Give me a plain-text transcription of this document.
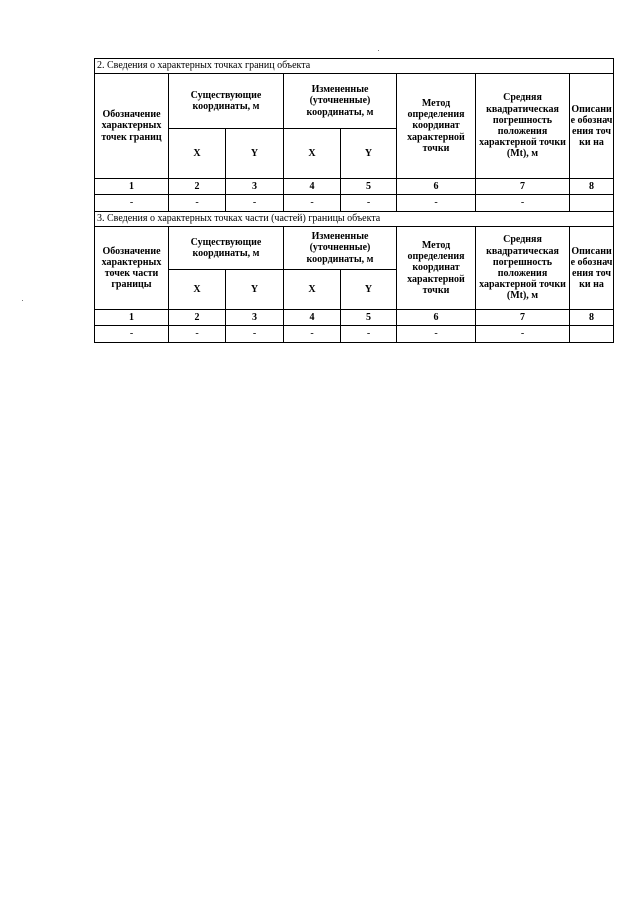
2. Сведения о характерных точках границ объекта							
Обозначение характерных точек границ	Существующие координаты, м		Измененные (уточненные) координаты, м		Метод определения координат характерной точки	Средняя квадратическая погрешность положения характерной точки (Mt), м	Описание обозначения точки на
	X	Y	X	Y			
1	2	3	4	5	6	7	8
-	-	-	-	-	-	-	
3. Сведения о характерных точках части (частей) границы объекта							
Обозначение характерных точек части границы	Существующие координаты, м		Измененные (уточненные) координаты, м		Метод определения координат характерной точки	Средняя квадратическая погрешность положения характерной точки (Mt), м	Описание обозначения точки на
	X	Y	X	Y			
1	2	3	4	5	6	7	8
-	-	-	-	-	-	-	
